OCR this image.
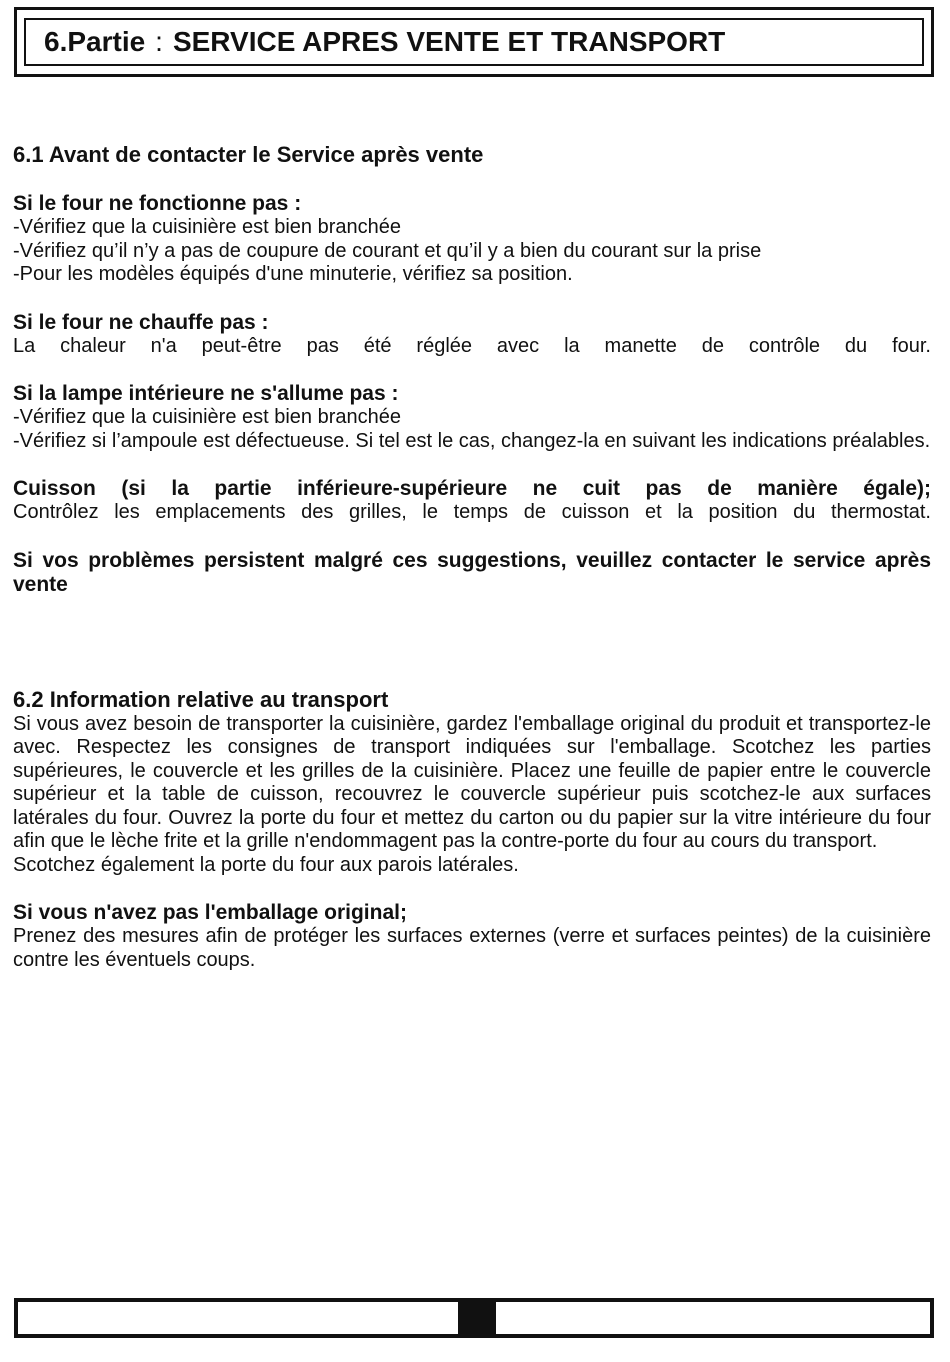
6.Partie : SERVICE APRES VENTE ET TRANSPORT

6.1 Avant de contacter le Service après vente

Si le four ne fonctionne pas :

-Vérifiez que la cuisinière est bien branchée

-Vérifiez qu’il n’y a pas de coupure de courant et qu’il y a bien du courant sur la prise

-Pour les modèles équipés d'une minuterie, vérifiez sa position.

Si le four ne chauffe pas :

La chaleur n'a peut-être pas été réglée avec la manette de contrôle du four.

Si la lampe intérieure ne s'allume pas :

-Vérifiez que la cuisinière est bien branchée

-Vérifiez si l’ampoule est défectueuse. Si tel est le cas, changez-la en suivant les indications préalables.

Cuisson (si la partie inférieure-supérieure ne cuit pas de manière égale);

Contrôlez les emplacements des grilles, le temps de cuisson et la position du thermostat.

Si vos problèmes persistent malgré ces suggestions, veuillez contacter le service après vente

6.2 Information relative au transport

Si vous avez besoin de transporter la cuisinière, gardez l'emballage original du produit et transportez-le avec. Respectez les consignes de transport indiquées sur l'emballage. Scotchez les parties supérieures, le couvercle et les grilles de la cuisinière. Placez une feuille de papier entre le couvercle supérieur et la table de cuisson, recouvrez le couvercle supérieur puis scotchez-le aux surfaces latérales du four. Ouvrez la porte du four et mettez du carton ou du papier sur la vitre intérieure du four afin que le lèche frite et la grille n'endommagent pas la contre-porte du four au cours du transport.

Scotchez également la porte du four aux parois latérales.

Si vous n'avez pas l'emballage original;

Prenez des mesures afin de protéger les surfaces externes (verre et surfaces peintes) de la cuisinière contre les éventuels coups.
